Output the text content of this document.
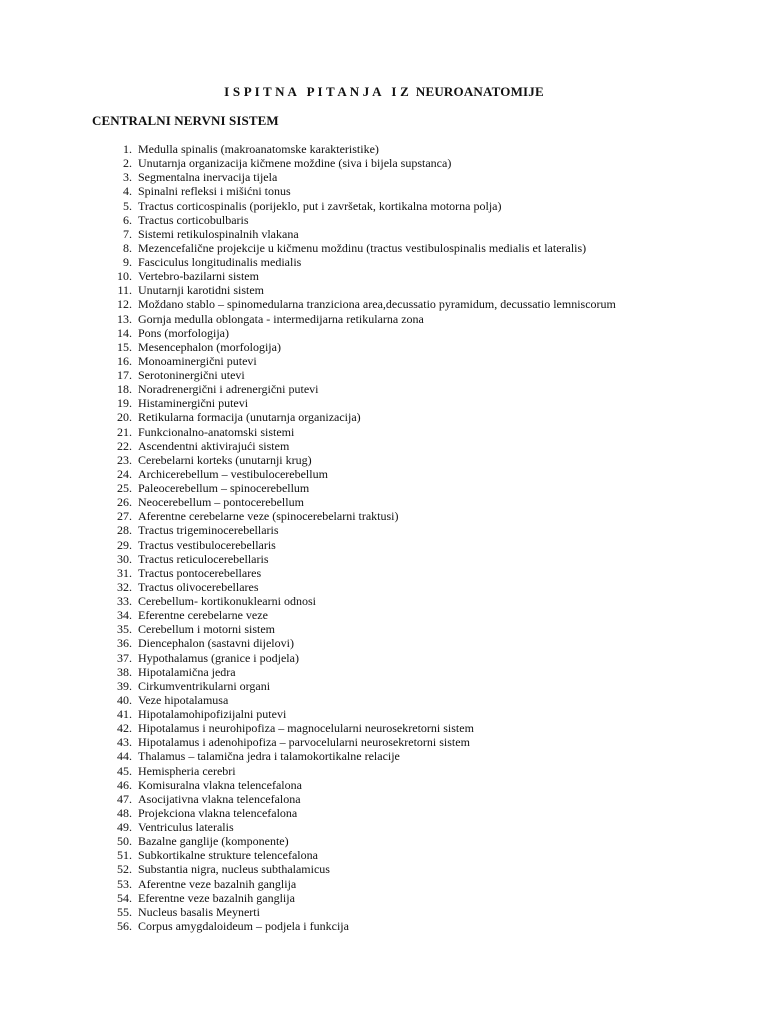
I S P I T N A   P I T A N J A   I Z  NEUROANATOMIJE
CENTRALNI NERVNI SISTEM
1. Medulla spinalis (makroanatomske karakteristike)
2. Unutarnja organizacija kičmene moždine (siva i bijela supstanca)
3. Segmentalna inervacija tijela
4. Spinalni refleksi i mišićni tonus
5. Tractus corticospinalis (porijeklo, put i završetak, kortikalna motorna polja)
6. Tractus corticobulbaris
7. Sistemi retikulospinalnih vlakana
8. Mezencefalične projekcije u kičmenu moždinu (tractus vestibulospinalis medialis et lateralis)
9. Fasciculus longitudinalis medialis
10. Vertebro-bazilarni sistem
11. Unutarnji karotidni sistem
12. Moždano stablo – spinomedularna tranziciona area,decussatio pyramidum, decussatio lemniscorum
13. Gornja medulla oblongata - intermedijarna retikularna zona
14. Pons (morfologija)
15. Mesencephalon (morfologija)
16. Monoaminergični putevi
17. Serotoninergični utevi
18. Noradrenergični i adrenergični putevi
19. Histaminergični putevi
20. Retikularna formacija (unutarnja organizacija)
21. Funkcionalno-anatomski sistemi
22. Ascendentni aktivirajući sistem
23. Cerebelarni korteks (unutarnji krug)
24. Archicerebellum – vestibulocerebellum
25. Paleocerebellum – spinocerebellum
26. Neocerebellum – pontocerebellum
27. Aferentne cerebelarne veze (spinocerebelarni traktusi)
28. Tractus trigeminocerebellaris
29. Tractus vestibulocerebellaris
30. Tractus reticulocerebellaris
31. Tractus pontocerebellares
32. Tractus olivocerebellares
33. Cerebellum- kortikonuklearni odnosi
34. Eferentne cerebelarne veze
35. Cerebellum i motorni sistem
36. Diencephalon (sastavni dijelovi)
37. Hypothalamus (granice i podjela)
38. Hipotalamična jedra
39. Cirkumventrikularni organi
40. Veze hipotalamusa
41. Hipotalamohipofizijalni putevi
42. Hipotalamus i neurohipofiza – magnocelularni neurosekretorni sistem
43. Hipotalamus i adenohipofiza – parvocelularni neurosekretorni sistem
44. Thalamus – talamična jedra i talamokortikalne relacije
45. Hemispheria cerebri
46. Komisuralna vlakna telencefalona
47. Asocijativna vlakna telencefalona
48. Projekciona vlakna telencefalona
49. Ventriculus lateralis
50. Bazalne ganglije (komponente)
51. Subkortikalne strukture telencefalona
52. Substantia nigra, nucleus subthalamicus
53. Aferentne veze bazalnih ganglija
54. Eferentne veze bazalnih ganglija
55. Nucleus basalis Meynerti
56. Corpus amygdaloideum – podjela i funkcija
